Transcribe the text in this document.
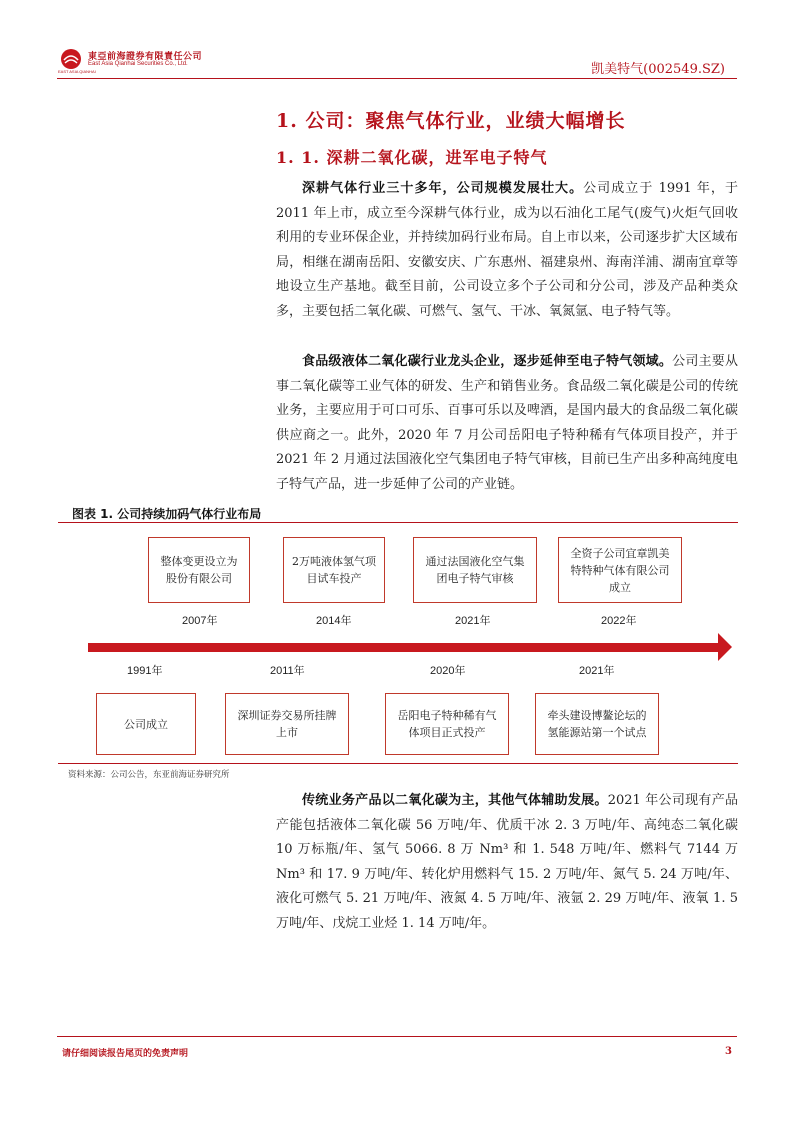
東亞前海證券有限責任公司
East Asia Qianhai Securities Co., Ltd.
EAST ASIA QIANHAI	凯美特气(002549.SZ)
1. 公司：聚焦气体行业，业绩大幅增长
1. 1. 深耕二氧化碳，进军电子特气
深耕气体行业三十多年，公司规模发展壮大。公司成立于 1991 年，于 2011 年上市，成立至今深耕气体行业，成为以石油化工尾气(废气)火炬气回收利用的专业环保企业，并持续加码行业布局。自上市以来，公司逐步扩大区域布局，相继在湖南岳阳、安徽安庆、广东惠州、福建泉州、海南洋浦、湖南宜章等地设立生产基地。截至目前，公司设立多个子公司和分公司，涉及产品种类众多，主要包括二氧化碳、可燃气、氢气、干冰、氧氮氩、电子特气等。
食品级液体二氧化碳行业龙头企业，逐步延伸至电子特气领域。公司主要从事二氧化碳等工业气体的研发、生产和销售业务。食品级二氧化碳是公司的传统业务，主要应用于可口可乐、百事可乐以及啤酒，是国内最大的食品级二氧化碳供应商之一。此外，2020 年 7 月公司岳阳电子特种稀有气体项目投产，并于 2021 年 2 月通过法国液化空气集团电子特气审核，目前已生产出多种高纯度电子特气产品，进一步延伸了公司的产业链。
图表 1. 公司持续加码气体行业布局
整体变更设立为股份有限公司
2007年
2万吨液体氢气项目试车投产
2014年
通过法国液化空气集团电子特气审核
2021年
全资子公司宜章凯美特特种气体有限公司成立
2022年
1991年
公司成立
2011年
深圳证券交易所挂牌上市
2020年
岳阳电子特种稀有气体项目正式投产
2021年
牵头建设博鳌论坛的氢能源站第一个试点
资料来源：公司公告，东亚前海证券研究所
传统业务产品以二氧化碳为主，其他气体辅助发展。2021 年公司现有产品产能包括液体二氧化碳 56 万吨/年、优质干冰 2. 3 万吨/年、高纯态二氧化碳 10 万标瓶/年、氢气 5066. 8 万 Nm³ 和 1. 548 万吨/年、燃料气 7144 万 Nm³ 和 17. 9 万吨/年、转化炉用燃料气 15. 2 万吨/年、氮气 5. 24 万吨/年、液化可燃气 5. 21 万吨/年、液氮 4. 5 万吨/年、液氩 2. 29 万吨/年、液氧 1. 5 万吨/年、戊烷工业烃 1. 14 万吨/年。
请仔细阅读报告尾页的免责声明	3
